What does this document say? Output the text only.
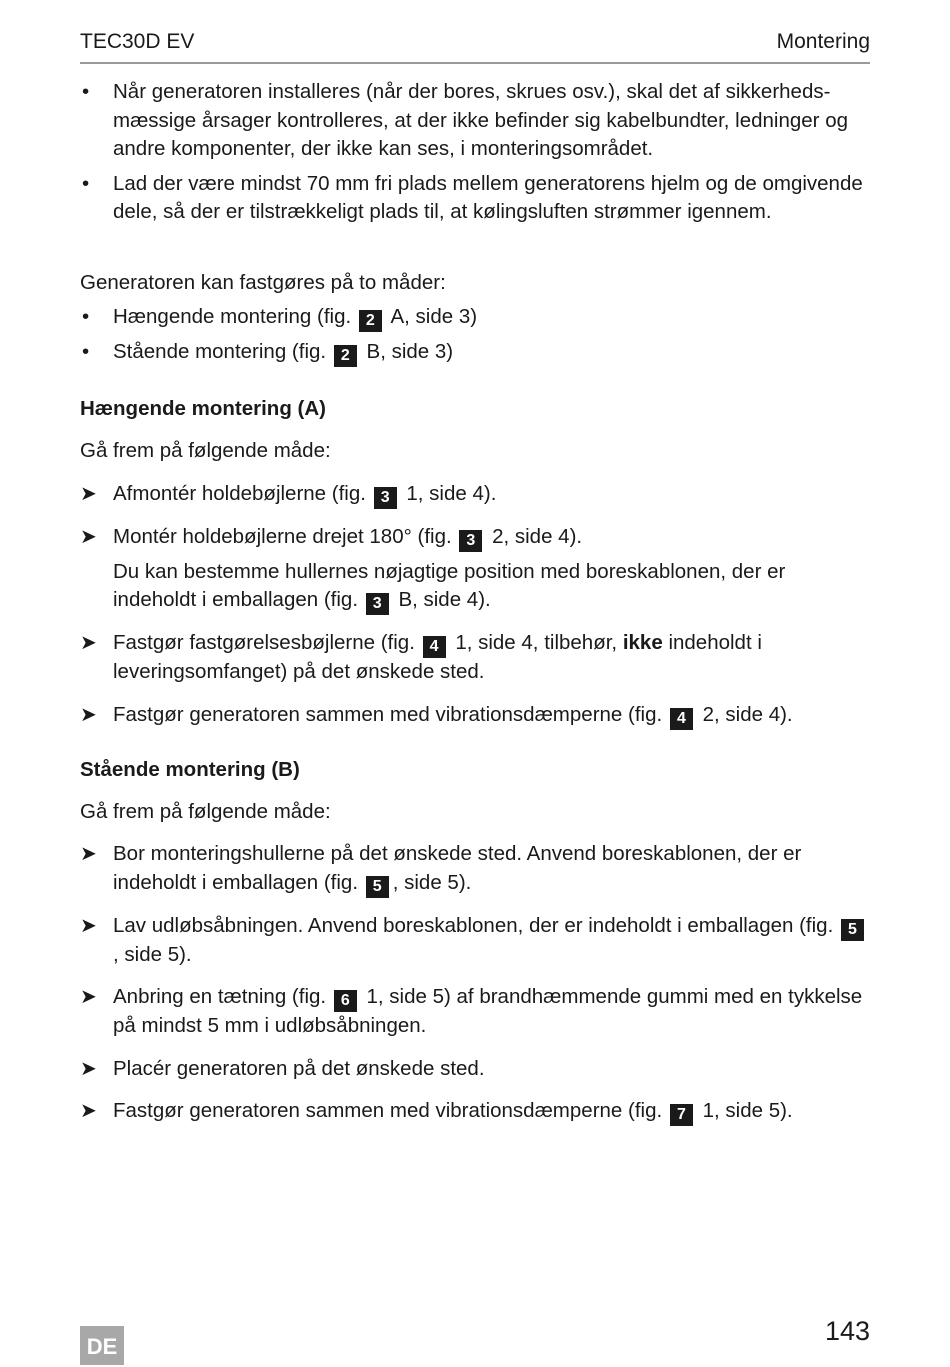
TEC30D EV	Montering
•	Når generatoren installeres (når der bores, skrues osv.), skal det af sikkerhedsmæssige årsager kontrolleres, at der ikke befinder sig kabelbundter, ledninger og andre komponenter, der ikke kan ses, i monteringsområdet.

•	Lad der være mindst 70 mm fri plads mellem generatorens hjelm og de omgivende dele, så der er tilstrækkeligt plads til, at kølingsluften strømmer igennem.

Generatoren kan fastgøres på to måder:

•	Hængende montering (fig. 2 A, side 3)

•	Stående montering (fig. 2 B, side 3)

Hængende montering (A)

Gå frem på følgende måde:

➤ Afmontér holdebøjlerne (fig. 3 1, side 4).

➤ Montér holdebøjlerne drejet 180° (fig. 3 2, side 4).

Du kan bestemme hullernes nøjagtige position med boreskablonen, der er indeholdt i emballagen (fig. 3 B, side 4).

➤ Fastgør fastgørelsesbøjlerne (fig. 4 1, side 4, tilbehør, ikke indeholdt i leveringsomfanget) på det ønskede sted.

➤ Fastgør generatoren sammen med vibrationsdæmperne (fig. 4 2, side 4).

Stående montering (B)

Gå frem på følgende måde:

➤ Bor monteringshullerne på det ønskede sted. Anvend boreskablonen, der er indeholdt i emballagen (fig. 5 , side 5).

➤ Lav udløbsåbningen. Anvend boreskablonen, der er indeholdt i emballagen (fig. 5, side 5).

➤ Anbring en tætning (fig. 6 1, side 5) af brandhæmmende gummi med en tykkelse på mindst 5 mm i udløbsåbningen.

➤ Placér generatoren på det ønskede sted.

➤ Fastgør generatoren sammen med vibrationsdæmperne (fig. 7 1, side 5).

143
DE
